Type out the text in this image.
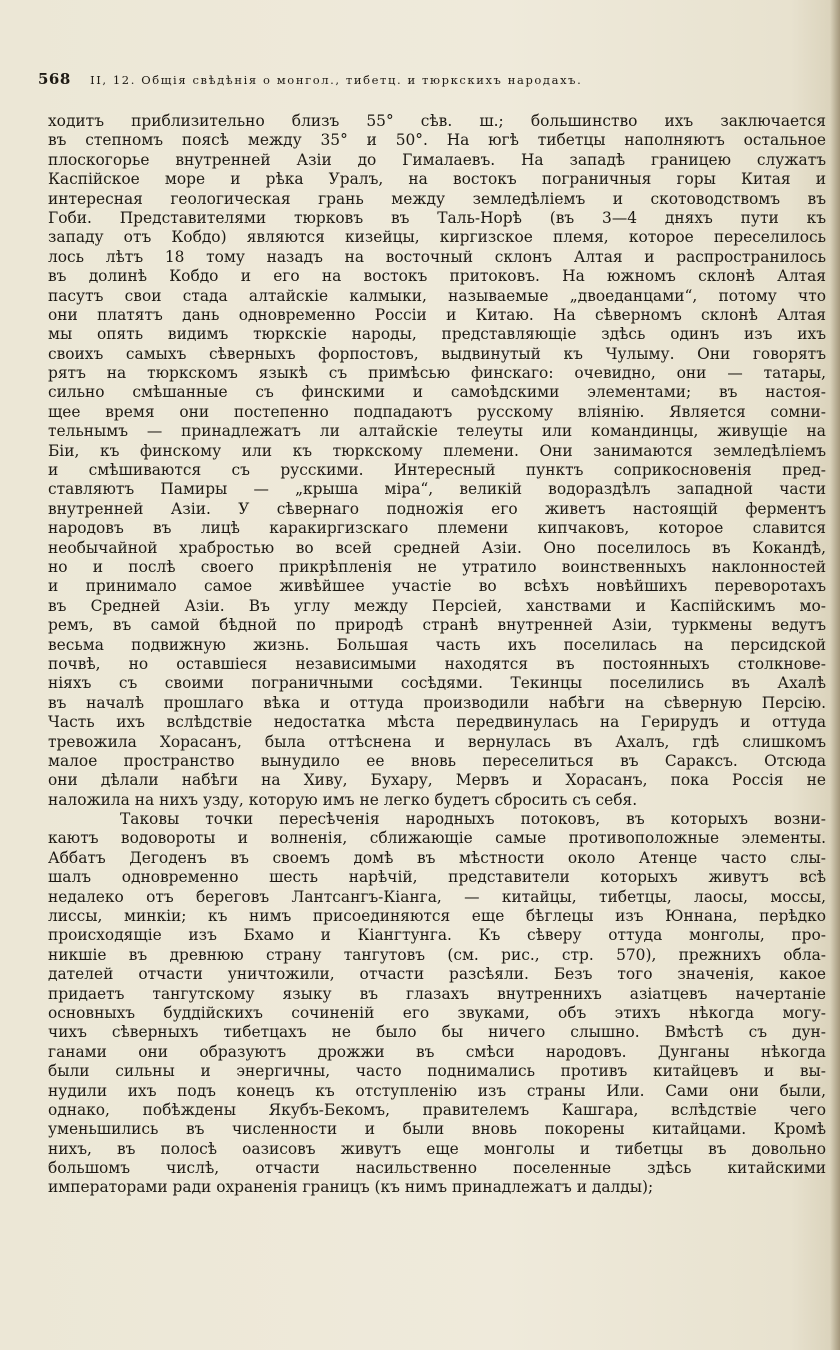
568 II, 12. Общія свѣдѣнія о монгол., тибетц. и тюркскихъ народахъ.
ходитъ приблизительно близъ 55° сѣв. ш.; большинство ихъ заключается
въ степномъ поясѣ между 35° и 50°. На югѣ тибетцы наполняютъ остальное
плоскогорье внутренней Азіи до Гималаевъ. На западѣ границею служатъ
Каспійское море и рѣка Уралъ, на востокъ пограничныя горы Китая и
интересная геологическая грань между земледѣліемъ и скотоводствомъ въ
Гоби. Представителями тюрковъ въ Таль-Норѣ (въ 3—4 дняхъ пути къ
западу отъ Кобдо) являются кизейцы, киргизское племя, которое переселилось
лось лѣтъ 18 тому назадъ на восточный склонъ Алтая и распространилось
въ долинѣ Кобдо и его на востокъ притоковъ. На южномъ склонѣ Алтая
пасутъ свои стада алтайскіе калмыки, называемые „двоеданцами“, потому что
они платятъ дань одновременно Россіи и Китаю. На сѣверномъ склонѣ Алтая
мы опять видимъ тюркскіе народы, представляющіе здѣсь одинъ изъ ихъ
своихъ самыхъ сѣверныхъ форпостовъ, выдвинутый къ Чулыму. Они говорятъ
рятъ на тюркскомъ языкѣ съ примѣсью финскаго: очевидно, они — татары,
сильно смѣшанные съ финскими и самоѣдскими элементами; въ настоя-
щее время они постепенно подпадаютъ русскому вліянію. Является сомни-
тельнымъ — принадлежатъ ли алтайскіе телеуты или командинцы, живущіе на
Біи, къ финскому или къ тюркскому племени. Они занимаются земледѣліемъ
и смѣшиваются съ русскими. Интересный пунктъ соприкосновенія пред-
ставляютъ Памиры — „крыша міра“, великій водораздѣлъ западной части
внутренней Азіи. У сѣвернаго подножія его живетъ настоящій ферментъ
народовъ въ лицѣ каракиргизскаго племени кипчаковъ, которое славится
необычайной храбростью во всей средней Азіи. Оно поселилось въ Кокандѣ,
но и послѣ своего прикрѣпленія не утратило воинственныхъ наклонностей
и принимало самое живѣйшее участіе во всѣхъ новѣйшихъ переворотахъ
въ Средней Азіи. Въ углу между Персіей, ханствами и Каспійскимъ мо-
ремъ, въ самой бѣдной по природѣ странѣ внутренней Азіи, туркмены ведутъ
весьма подвижную жизнь. Большая часть ихъ поселилась на персидской
почвѣ, но оставшіеся независимыми находятся въ постоянныхъ столкнове-
ніяхъ съ своими пограничными сосѣдями. Текинцы поселились въ Ахалѣ
въ началѣ прошлаго вѣка и оттуда производили набѣги на сѣверную Персію.
Часть ихъ вслѣдствіе недостатка мѣста передвинулась на Герирудъ и оттуда
тревожила Хорасанъ, была оттѣснена и вернулась въ Ахалъ, гдѣ слишкомъ
малое пространство вынудило ее вновь переселиться въ Сараксъ. Отсюда
они дѣлали набѣги на Хиву, Бухару, Мервъ и Хорасанъ, пока Россія не
наложила на нихъ узду, которую имъ не легко будетъ сбросить съ себя.
Таковы точки пересѣченія народныхъ потоковъ, въ которыхъ возни-
каютъ водовороты и волненія, сближающіе самые противоположные элементы.
Аббатъ Дегоденъ въ своемъ домѣ въ мѣстности около Атенце часто слы-
шалъ одновременно шесть нарѣчій, представители которыхъ живутъ всѣ
недалеко отъ береговъ Лантсангъ-Кіанга, — китайцы, тибетцы, лаосы, моссы,
лиссы, минкіи; къ нимъ присоединяются еще бѣглецы изъ Юннана, перѣдко
происходящіе изъ Бхамо и Кіангтунга. Къ сѣверу оттуда монголы, про-
никшіе въ древнюю страну тангутовъ (см. рис., стр. 570), прежнихъ обла-
дателей отчасти уничтожили, отчасти разсѣяли. Безъ того значенія, какое
придаетъ тангутскому языку въ глазахъ внутреннихъ азіатцевъ начертаніе
основныхъ буддійскихъ сочиненій его звуками, объ этихъ нѣкогда могу-
чихъ сѣверныхъ тибетцахъ не было бы ничего слышно. Вмѣстѣ съ дун-
ганами они образуютъ дрожжи въ смѣси народовъ. Дунганы нѣкогда
были сильны и энергичны, часто поднимались противъ китайцевъ и вы-
нудили ихъ подъ конецъ къ отступленію изъ страны Или. Сами они были,
однако, побѣждены Якубъ-Бекомъ, правителемъ Кашгара, вслѣдствіе чего
уменьшились въ численности и были вновь покорены китайцами. Кромѣ
нихъ, въ полосѣ оазисовъ живутъ еще монголы и тибетцы въ довольно
большомъ числѣ, отчасти насильственно поселенные здѣсь китайскими
императорами ради охраненія границъ (къ нимъ принадлежатъ и далды);
